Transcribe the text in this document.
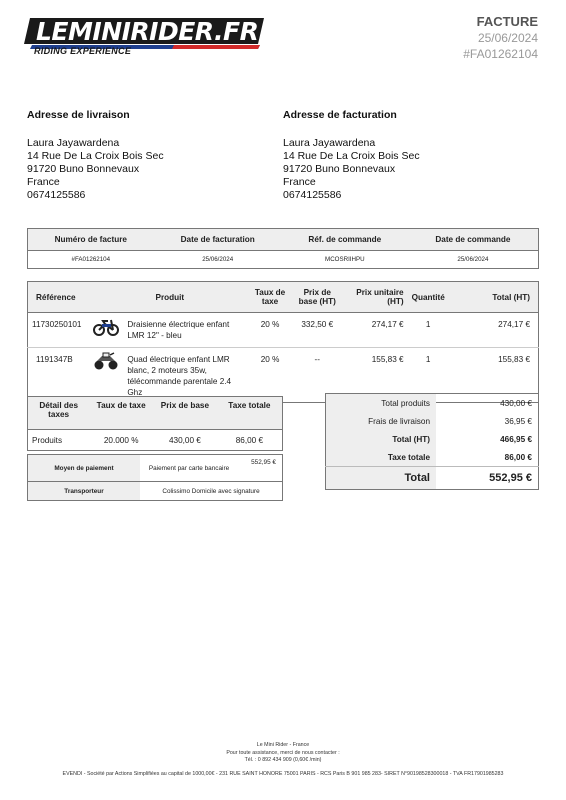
LEMINIRIDER.FR
RIDING EXPERIENCE
FACTURE
25/06/2024
#FA01262104
Adresse de livraison
Laura Jayawardena
14 Rue De La Croix Bois Sec
91720 Buno Bonnevaux
France
0674125586
Adresse de facturation
Laura Jayawardena
14 Rue De La Croix Bois Sec
91720 Buno Bonnevaux
France
0674125586
Numéro de facture	Date de facturation	Réf. de commande	Date de commande
#FA01262104	25/06/2024	MCOSRIIHPU	25/06/2024
Référence	Produit		Taux de taxe	Prix de base (HT)	Prix unitaire (HT)	Quantité	Total (HT)
11730250101		Draisienne électrique enfant LMR 12" - bleu	20 %	332,50 €	274,17 €	1	274,17 €
1191347B		Quad électrique enfant LMR blanc, 2 moteurs 35w, télécommande parentale 2.4 Ghz	20 %	--	155,83 €	1	155,83 €
Détail des taxes	Taux de taxe	Prix de base	Taxe totale
Produits	20.000 %	430,00 €	86,00 €
Moyen de paiement	Paiement par carte bancaire	552,95 €
Transporteur	Colissimo Domicile avec signature	
Total produits	430,00 €
Frais de livraison	36,95 €
Total (HT)	466,95 €
Taxe totale	86,00 €
Total	552,95 €
Le Mini Rider - France
Pour toute assistance, merci de nous contacter :
Tél. : 0 892 434 909 (0,60€ /min)
EVENDI - Société par Actions Simplifiées au capital de 1000,00€ - 231 RUE SAINT HONORE 75001 PARIS - RCS Paris B 901 985 283- SIRET N°90198528300018 - TVA FR17901985283
